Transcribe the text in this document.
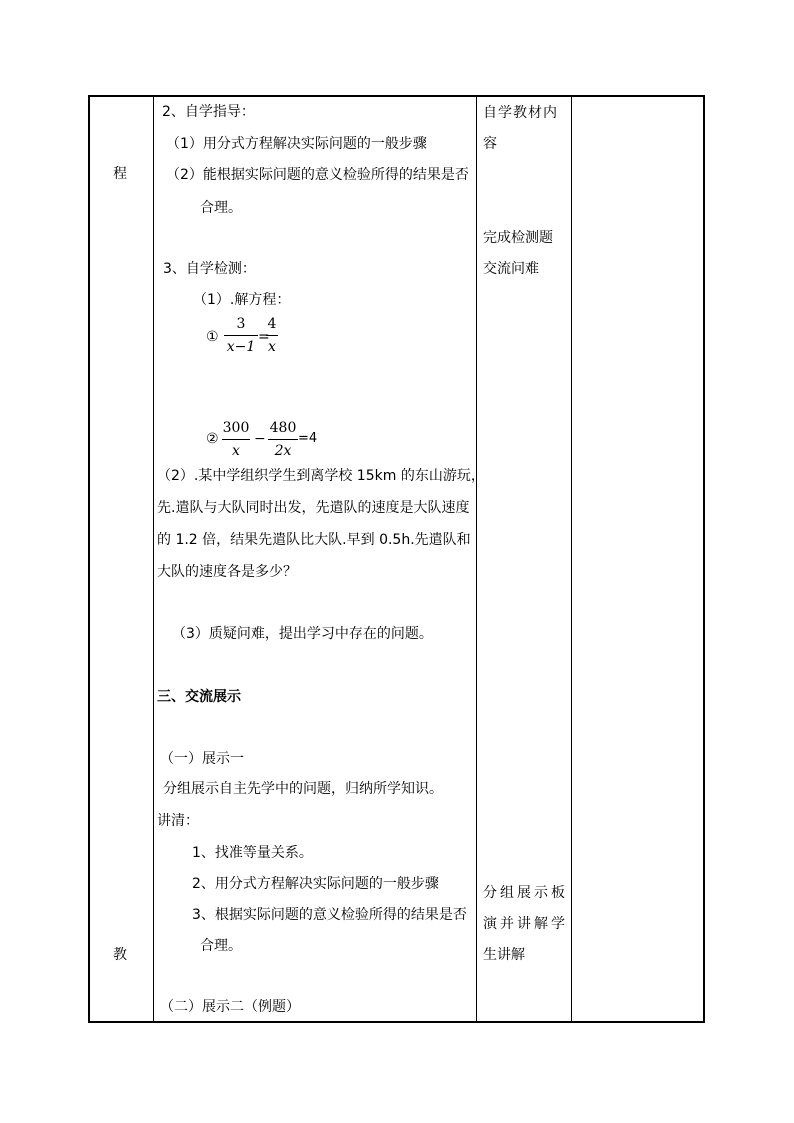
程
教
2、自学指导：
（1）用分式方程解决实际问题的一般步骤
（2）能根据实际问题的意义检验所得的结果是否
合理。
3、自学检测：
（1）.解方程：
①
3
x−1
=
4
x
②
300
x
−
480
2x
=4
（2）.某中学组织学生到离学校 15km 的东山游玩，
先.遣队与大队同时出发，先遣队的速度是大队速度
的 1.2 倍，结果先遣队比大队.早到 0.5h.先遣队和
大队的速度各是多少？
（3）质疑问难，提出学习中存在的问题。
三、交流展示
（一）展示一
分组展示自主先学中的问题，归纳所学知识。
讲清：
1、找准等量关系。
2、用分式方程解决实际问题的一般步骤
3、根据实际问题的意义检验所得的结果是否
合理。
（二）展示二（例题）
自学教材内
容
完成检测题
交流问难
分组展示板
演并讲解学
生讲解
